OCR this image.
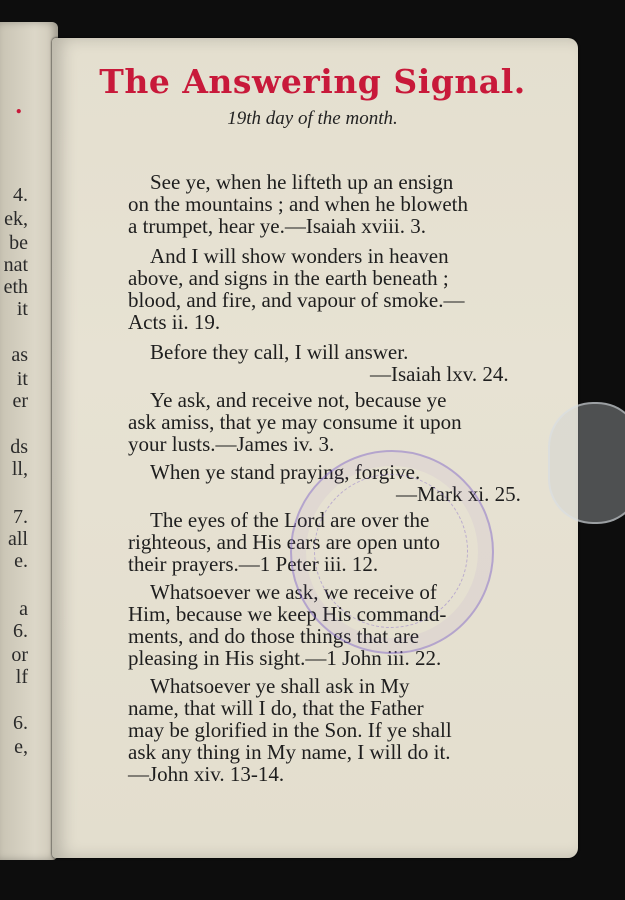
.
4.
ek,
be
nat
eth
it
as
it
er
ds
ll,
7.
all
e.
a
6.
or
lf
6.
e,
The Answering Signal.
19th day of the month.
See ye, when he lifteth up an ensign
on the mountains ; and when he bloweth
a trumpet, hear ye.—Isaiah xviii. 3.
And I will show wonders in heaven
above, and signs in the earth beneath ;
blood, and fire, and vapour of smoke.—
Acts ii. 19.
Before they call, I will answer.
—Isaiah lxv. 24.
Ye ask, and receive not, because ye
ask amiss, that ye may consume it upon
your lusts.—James iv. 3.
When ye stand praying, forgive.
—Mark xi. 25.
The eyes of the Lord are over the
righteous, and His ears are open unto
their prayers.—1 Peter iii. 12.
Whatsoever we ask, we receive of
Him, because we keep His command-
ments, and do those things that are
pleasing in His sight.—1 John iii. 22.
Whatsoever ye shall ask in My
name, that will I do, that the Father
may be glorified in the Son. If ye shall
ask any thing in My name, I will do it.
—John xiv. 13-14.
